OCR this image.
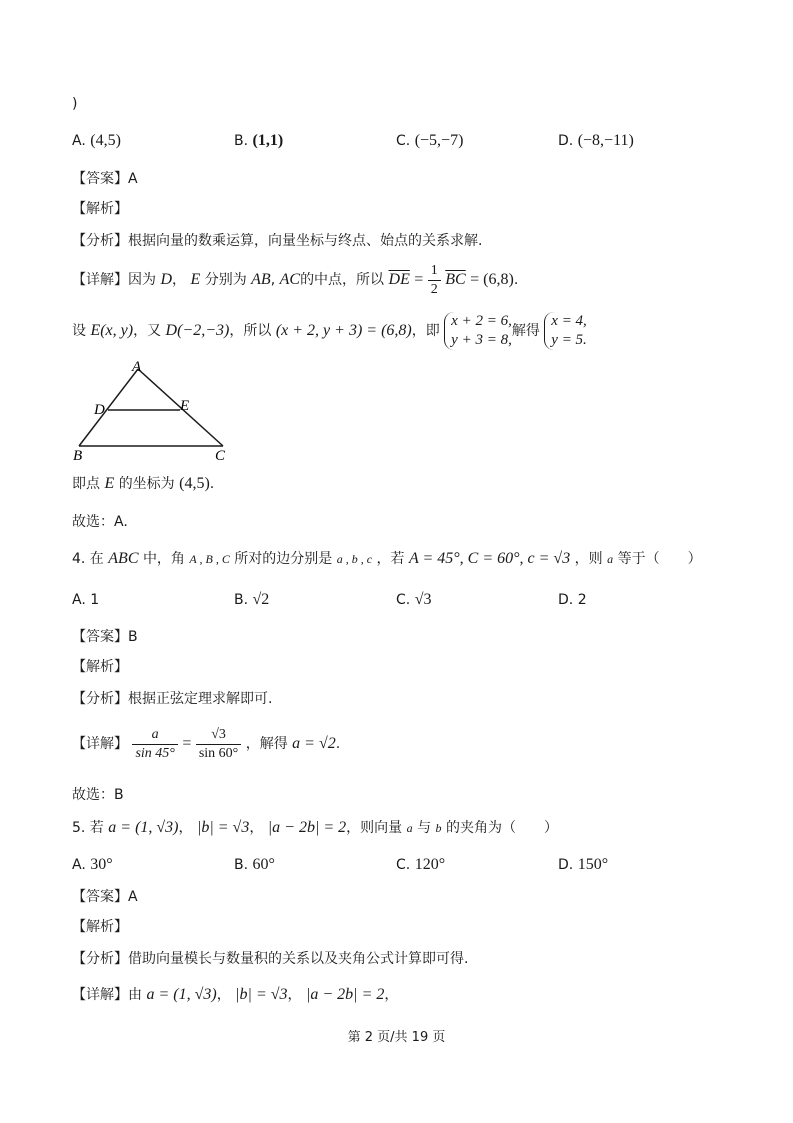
)
A. (4,5)	B. (1,1)	C. (−5,−7)	D. (−8,−11)
【答案】A
【解析】
【分析】根据向量的数乘运算，向量坐标与终点、始点的关系求解.
【详解】因为 D， E 分别为 AB, AC的中点，所以 $\overline{DE} = \frac{1}{2} \overline{BC} = (6,8)$.
设 E(x, y)，又 D(−2,−3)，所以 (x + 2, y + 3) = (6,8)，即 x + 2 = 6,
y + 3 = 8,解得 x = 4,
y = 5.
A
D	E
B	C
即点 E 的坐标为 (4,5).
故选：A.
4. 在 ABC 中，角 A , B , C 所对的边分别是 a , b , c ，若 A = 45°, C = 60°, c = √3 ，则 a 等于（　　）
A. 1	B. √2	C. √3	D. 2
【答案】B
【解析】
【分析】根据正弦定理求解即可.
【详解】 $\frac{a}{\sin 45^\circ} = \frac{√3}{\sin 60^\circ}$ ，解得 a = √2.
故选：B
5. 若 a = (1, √3)， |b| = √3， |a − 2b| = 2，则向量 a 与 b 的夹角为（　　）
A. 30°	B. 60°	C. 120°	D. 150°
【答案】A
【解析】
【分析】借助向量模长与数量积的关系以及夹角公式计算即可得.
【详解】由 a = (1, √3)， |b| = √3， |a − 2b| = 2，
第 2 页/共 19 页
